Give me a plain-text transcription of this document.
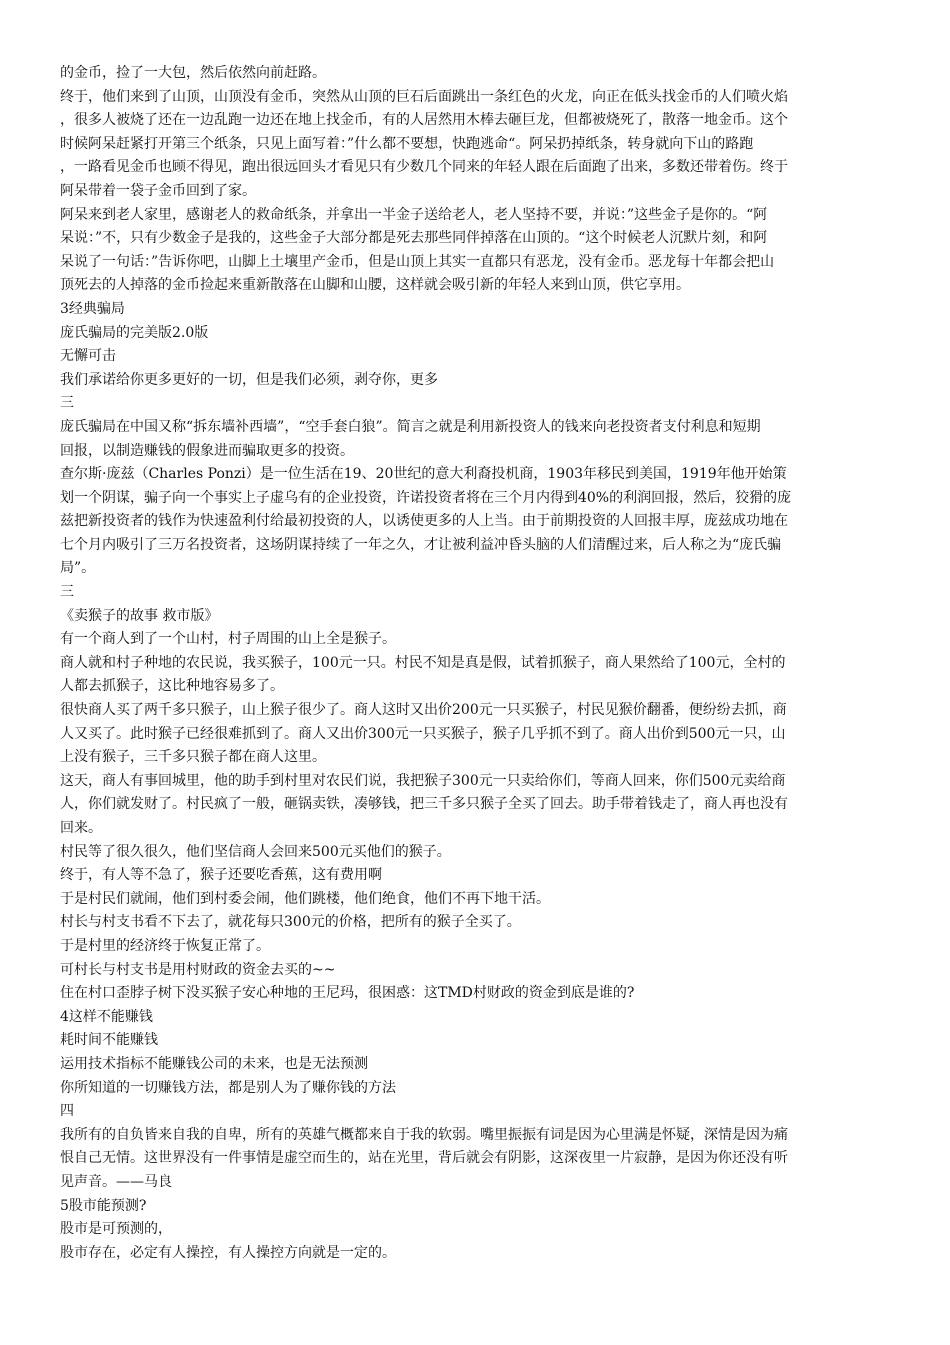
的金币，捡了一大包，然后依然向前赶路。
终于，他们来到了山顶，山顶没有金币，突然从山顶的巨石后面跳出一条红色的火龙，向正在低头找金币的人们喷火焰
，很多人被烧了还在一边乱跑一边还在地上找金币，有的人居然用木棒去砸巨龙，但都被烧死了，散落一地金币。这个
时候阿呆赶紧打开第三个纸条，只见上面写着：”什么都不要想，快跑逃命“。阿呆扔掉纸条，转身就向下山的路跑
，一路看见金币也顾不得见，跑出很远回头才看见只有少数几个同来的年轻人跟在后面跑了出来，多数还带着伤。终于
阿呆带着一袋子金币回到了家。
阿呆来到老人家里，感谢老人的救命纸条，并拿出一半金子送给老人，老人坚持不要，并说：”这些金子是你的。“阿
呆说：”不，只有少数金子是我的，这些金子大部分都是死去那些同伴掉落在山顶的。“这个时候老人沉默片刻，和阿
呆说了一句话：”告诉你吧，山脚上土壤里产金币，但是山顶上其实一直都只有恶龙，没有金币。恶龙每十年都会把山
顶死去的人掉落的金币捡起来重新散落在山脚和山腰，这样就会吸引新的年轻人来到山顶，供它享用。
3经典骗局
庞氏骗局的完美版2.0版
无懈可击
我们承诺给你更多更好的一切，但是我们必须，剥夺你，更多
三
庞氏骗局在中国又称“拆东墙补西墙”，“空手套白狼”。简言之就是利用新投资人的钱来向老投资者支付利息和短期
回报，以制造赚钱的假象进而骗取更多的投资。
查尔斯·庞兹（Charles Ponzi）是一位生活在19、20世纪的意大利裔投机商，1903年移民到美国，1919年他开始策
划一个阴谋，骗子向一个事实上子虚乌有的企业投资，许诺投资者将在三个月内得到40%的利润回报，然后，狡猾的庞
兹把新投资者的钱作为快速盈利付给最初投资的人，以诱使更多的人上当。由于前期投资的人回报丰厚，庞兹成功地在
七个月内吸引了三万名投资者，这场阴谋持续了一年之久，才让被利益冲昏头脑的人们清醒过来，后人称之为“庞氏骗
局”。
三
《卖猴子的故事 救市版》
有一个商人到了一个山村，村子周围的山上全是猴子。
商人就和村子种地的农民说，我买猴子，100元一只。村民不知是真是假，试着抓猴子，商人果然给了100元，全村的
人都去抓猴子，这比种地容易多了。
很快商人买了两千多只猴子，山上猴子很少了。商人这时又出价200元一只买猴子，村民见猴价翻番，便纷纷去抓，商
人又买了。此时猴子已经很难抓到了。商人又出价300元一只买猴子，猴子几乎抓不到了。商人出价到500元一只，山
上没有猴子，三千多只猴子都在商人这里。
这天，商人有事回城里，他的助手到村里对农民们说，我把猴子300元一只卖给你们，等商人回来，你们500元卖给商
人，你们就发财了。村民疯了一般，砸锅卖铁，凑够钱，把三千多只猴子全买了回去。助手带着钱走了，商人再也没有
回来。
村民等了很久很久，他们坚信商人会回来500元买他们的猴子。
终于，有人等不急了，猴子还要吃香蕉，这有费用啊
于是村民们就闹，他们到村委会闹，他们跳楼，他们绝食，他们不再下地干活。
村长与村支书看不下去了，就花每只300元的价格，把所有的猴子全买了。
于是村里的经济终于恢复正常了。
可村长与村支书是用村财政的资金去买的~~
住在村口歪脖子树下没买猴子安心种地的王尼玛，很困惑：这TMD村财政的资金到底是谁的?
4这样不能赚钱
耗时间不能赚钱
运用技术指标不能赚钱公司的未来，也是无法预测
你所知道的一切赚钱方法，都是别人为了赚你钱的方法
四
我所有的自负皆来自我的自卑，所有的英雄气概都来自于我的软弱。嘴里振振有词是因为心里满是怀疑，深情是因为痛
恨自己无情。这世界没有一件事情是虚空而生的，站在光里，背后就会有阴影，这深夜里一片寂静，是因为你还没有听
见声音。——马良
5股市能预测?
股市是可预测的，
股市存在，必定有人操控，有人操控方向就是一定的。
